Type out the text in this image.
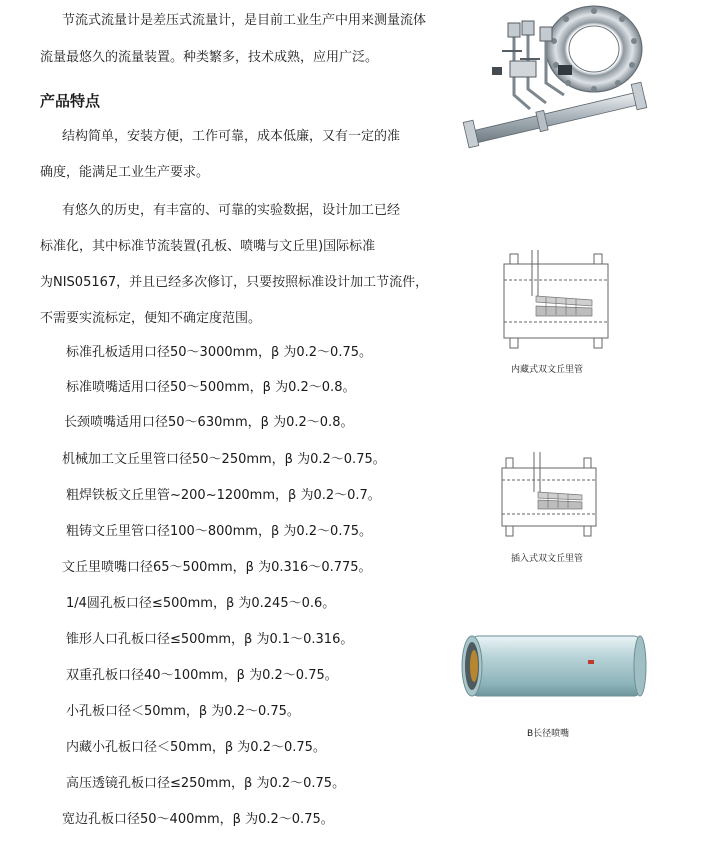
节流式流量计是差压式流量计，是目前工业生产中用来测量流体
流量最悠久的流量装置。种类繁多，技术成熟，应用广泛。
产品特点
结构简单，安装方便，工作可靠，成本低廉，又有一定的准
确度，能满足工业生产要求。
有悠久的历史，有丰富的、可靠的实验数据，设计加工已经
标准化，其中标准节流装置(孔板、喷嘴与文丘里)国际标准
为NIS05167，并且已经多次修订，只要按照标准设计加工节流件，
不需要实流标定，便知不确定度范围。
标准孔板适用口径50～3000mm，β 为0.2～0.75。
标准喷嘴适用口径50～500mm，β 为0.2～0.8。
长颈喷嘴适用口径50～630mm，β 为0.2～0.8。
机械加工文丘里管口径50～250mm，β 为0.2～0.75。
粗焊铁板文丘里管~200~1200mm，β 为0.2～0.7。
粗铸文丘里管口径100～800mm，β 为0.2～0.75。
文丘里喷嘴口径65～500mm，β 为0.316～0.775。
1/4圆孔板口径≤500mm，β 为0.245～0.6。
锥形人口孔板口径≤500mm，β 为0.1～0.316。
双重孔板口径40～100mm，β 为0.2～0.75。
小孔板口径＜50mm，β 为0.2～0.75。
内藏小孔板口径＜50mm，β 为0.2～0.75。
高压透镜孔板口径≤250mm，β 为0.2～0.75。
宽边孔板口径50～400mm，β 为0.2～0.75。
内藏式双文丘里管
插入式双文丘里管
B长径喷嘴
